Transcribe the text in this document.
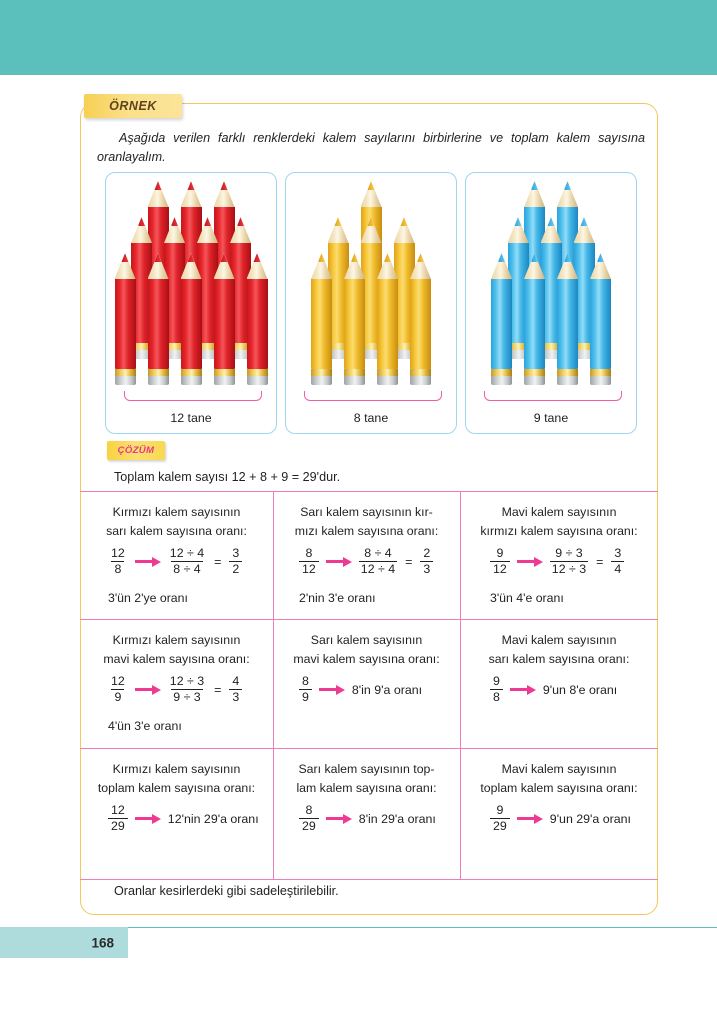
ÖRNEK
Aşağıda verilen farklı renklerdeki kalem sayılarını birbirlerine ve toplam kalem sayısına oranlayalım.
12 tane	8 tane	9 tane
ÇÖZÜM
Toplam kalem sayısı 12 + 8 + 9 = 29'dur.
Kırmızı kalem sayısının
sarı kalem sayısına oranı:
$\frac{12}{8}$	$\frac{12 \div 4}{8 \div 4} = \frac{3}{2}$
3'ün 2'ye oranı
Sarı kalem sayısının kır-
mızı kalem sayısına oranı:
$\frac{8}{12}$	$\frac{8 \div 4}{12 \div 4} = \frac{2}{3}$
2'nin 3'e oranı
Mavi kalem sayısının
kırmızı kalem sayısına oranı:
$\frac{9}{12}$	$\frac{9 \div 3}{12 \div 3} = \frac{3}{4}$
3'ün 4'e oranı
Kırmızı kalem sayısının
mavi kalem sayısına oranı:
$\frac{12}{9}$	$\frac{12 \div 3}{9 \div 3} = \frac{4}{3}$
4'ün 3'e oranı
Sarı kalem sayısının
mavi kalem sayısına oranı:
$\frac{8}{9}$	8'in 9'a oranı
Mavi kalem sayısının
sarı kalem sayısına oranı:
$\frac{9}{8}$	9'un 8'e oranı
Kırmızı kalem sayısının
toplam kalem sayısına oranı:
$\frac{12}{29}$	12'nin 29'a oranı
Sarı kalem sayısının top-
lam kalem sayısına oranı:
$\frac{8}{29}$	8'in 29'a oranı
Mavi kalem sayısının
toplam kalem sayısına oranı:
$\frac{9}{29}$	9'un 29'a oranı
Oranlar kesirlerdeki gibi sadeleştirilebilir.
168
